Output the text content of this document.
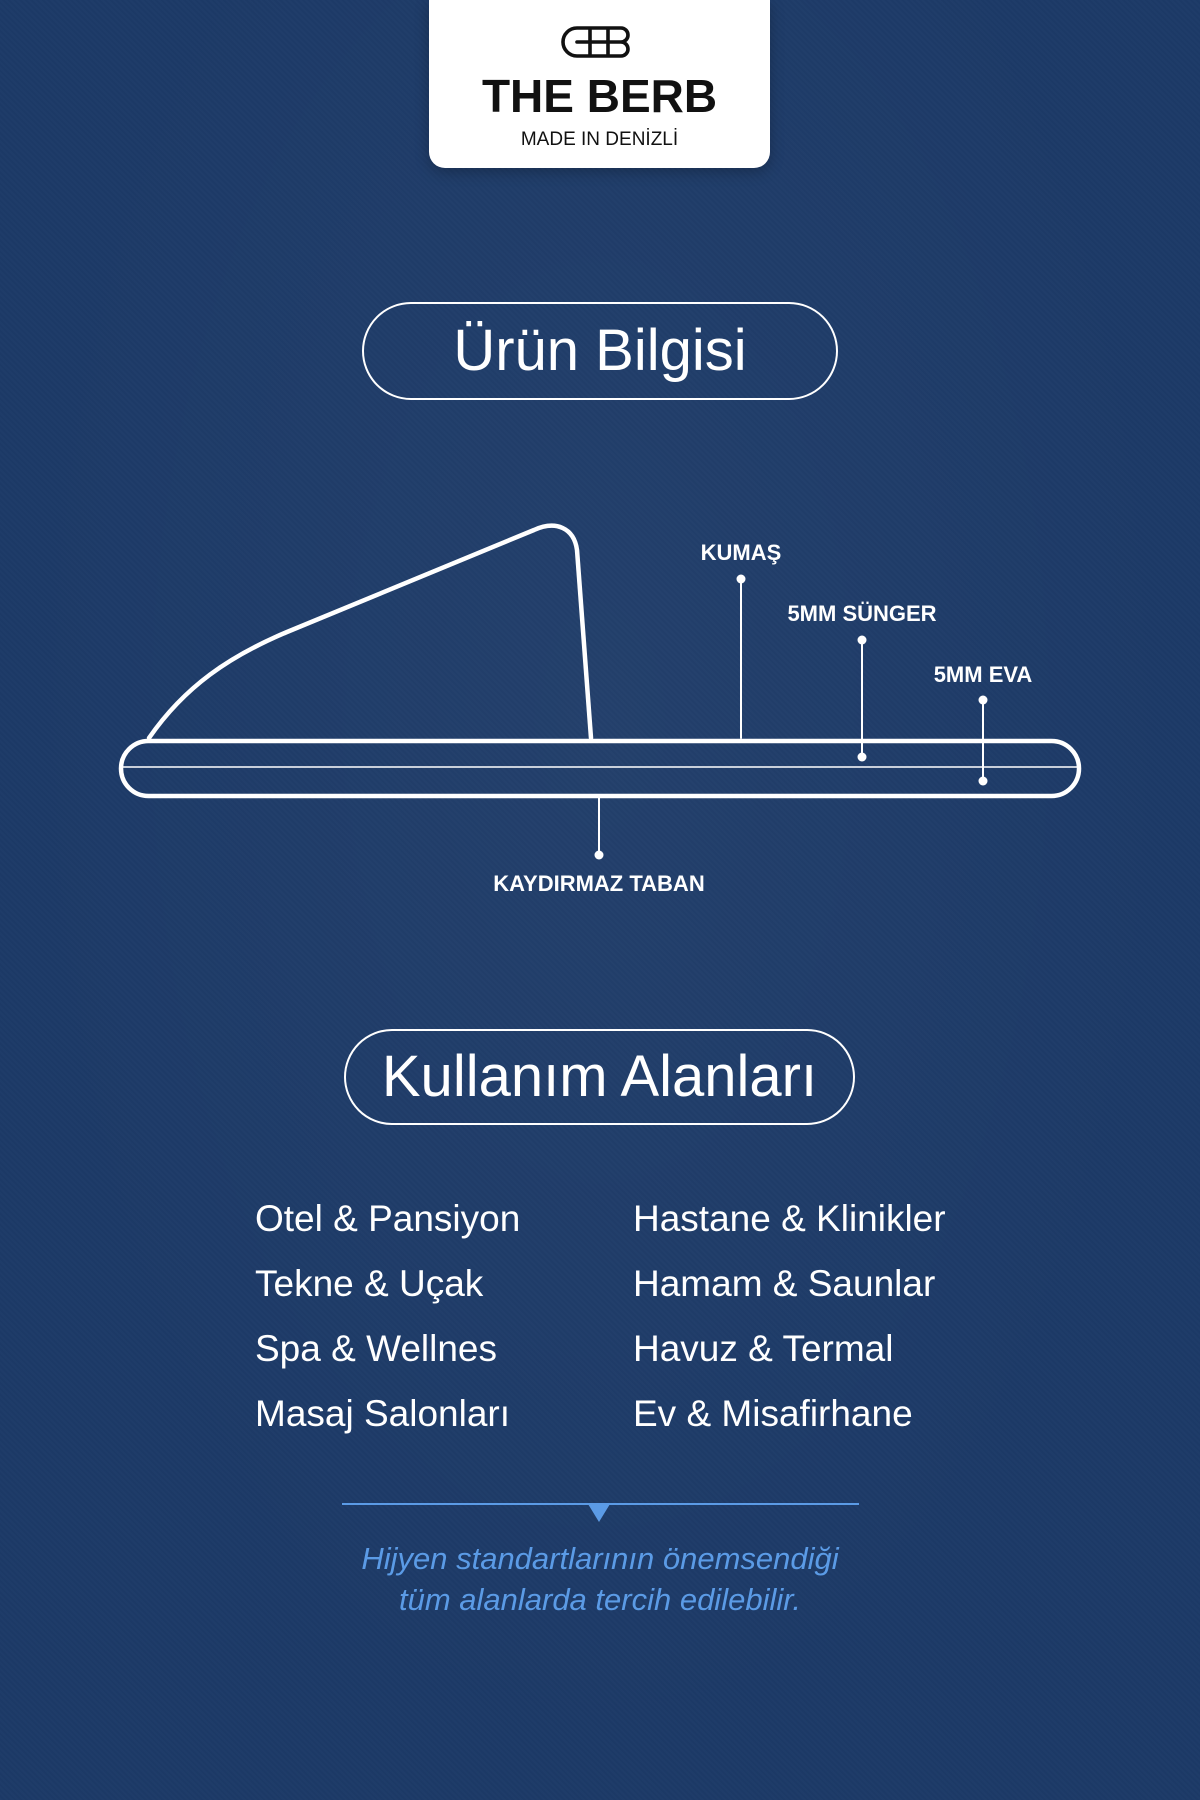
THE BERB
MADE IN DENİZLİ
Ürün Bilgisi
KUMAŞ
5MM SÜNGER
5MM EVA
KAYDIRMAZ TABAN
Kullanım Alanları
Otel & Pansiyon
Tekne & Uçak
Spa & Wellnes
Masaj Salonları
Hastane & Klinikler
Hamam & Saunlar
Havuz & Termal
Ev & Misafirhane
Hijyen standartlarının önemsendiği
tüm alanlarda tercih edilebilir.
